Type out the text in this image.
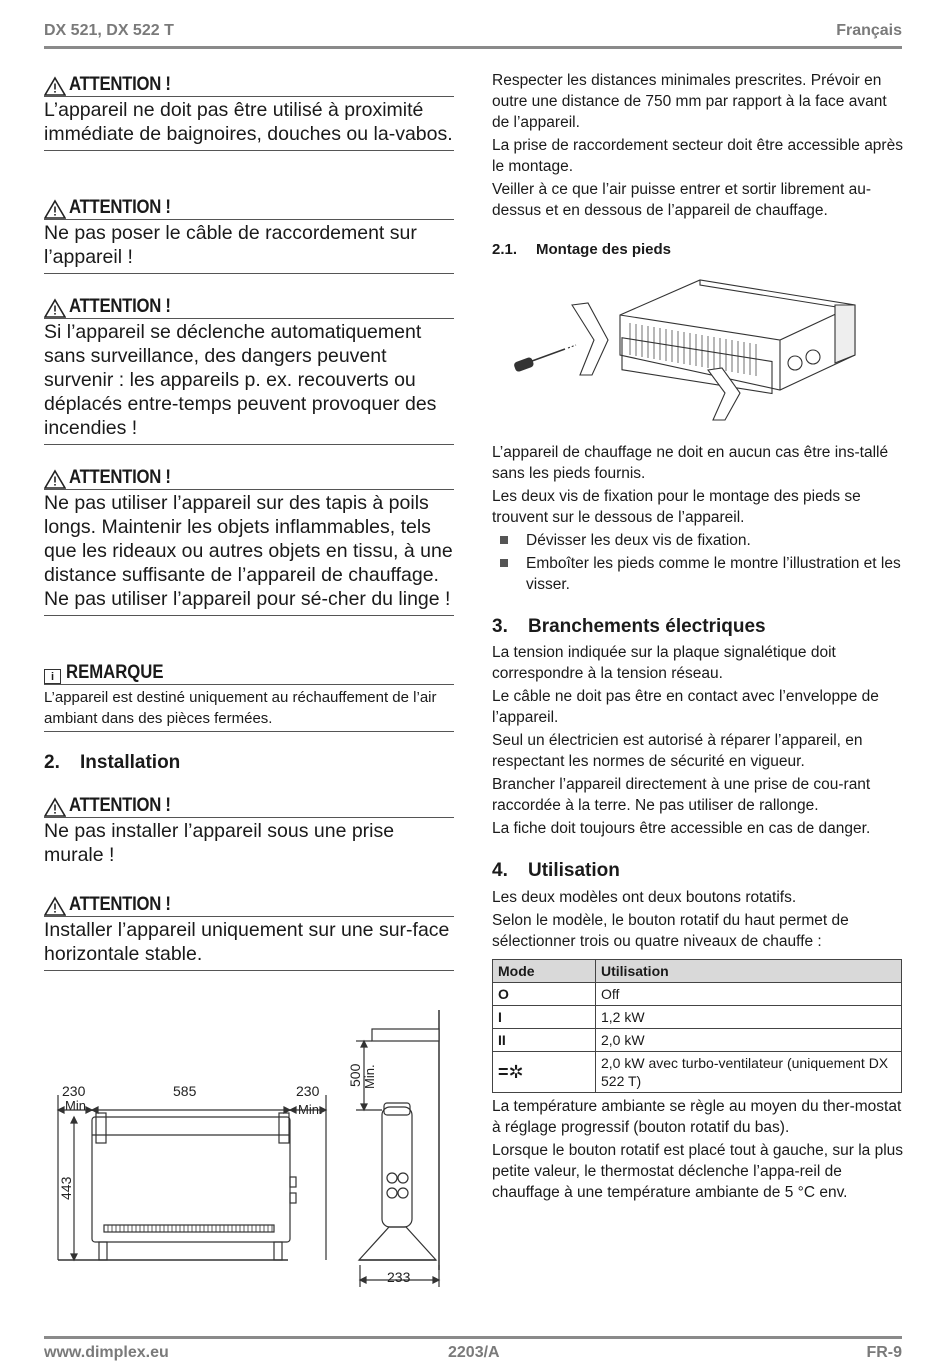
DX 521, DX 522 T	Français
ATTENTION !
L’appareil ne doit pas être utilisé à proximité immédiate de baignoires, douches ou la-vabos.
ATTENTION !
Ne pas poser le câble de raccordement sur l’appareil !
ATTENTION !
Si l’appareil se déclenche automatiquement sans surveillance, des dangers peuvent survenir : les appareils p. ex. recouverts ou déplacés entre-temps peuvent provoquer des incendies !
ATTENTION !
Ne pas utiliser l’appareil sur des tapis à poils longs. Maintenir les objets inflammables, tels que les rideaux ou autres objets en tissu, à une distance suffisante de l’appareil de chauffage. Ne pas utiliser l’appareil pour sé-cher du linge !
i REMARQUE
L’appareil est destiné uniquement au réchauffement de l’air ambiant dans des pièces fermées.
2. Installation
ATTENTION !
Ne pas installer l’appareil sous une prise murale !
ATTENTION !
Installer l’appareil uniquement sur une sur-face horizontale stable.
230
Min.
585	230
Min.
443
500 Min.
233

Respecter les distances minimales prescrites. Prévoir en outre une distance de 750 mm par rapport à la face avant de l’appareil.

La prise de raccordement secteur doit être accessible après le montage.

Veiller à ce que l’air puisse entrer et sortir librement au-dessus et en dessous de l’appareil de chauffage.

2.1. Montage des pieds

L’appareil de chauffage ne doit en aucun cas être ins-tallé sans les pieds fournis.

Les deux vis de fixation pour le montage des pieds se trouvent sur le dessous de l’appareil.

Dévisser les deux vis de fixation.
Emboîter les pieds comme le montre l’illustration et les visser.
3. Branchements électriques

La tension indiquée sur la plaque signalétique doit correspondre à la tension réseau.

Le câble ne doit pas être en contact avec l’enveloppe de l’appareil.

Seul un électricien est autorisé à réparer l’appareil, en respectant les normes de sécurité en vigueur.

Brancher l’appareil directement à une prise de cou-rant raccordée à la terre. Ne pas utiliser de rallonge.

La fiche doit toujours être accessible en cas de danger.

4. Utilisation

Les deux modèles ont deux boutons rotatifs.

Selon le modèle, le bouton rotatif du haut permet de sélectionner trois ou quatre niveaux de chauffe :

Mode	Utilisation
O	Off
I	1,2 kW
II	2,0 kW
=✲	2,0 kW avec turbo-ventilateur (uniquement DX 522 T)

La température ambiante se règle au moyen du ther-mostat à réglage progressif (bouton rotatif du bas).

Lorsque le bouton rotatif est placé tout à gauche, sur la plus petite valeur, le thermostat déclenche l’appa-reil de chauffage à une température ambiante de 5 °C env.

www.dimplex.eu	2203/A	FR-9
